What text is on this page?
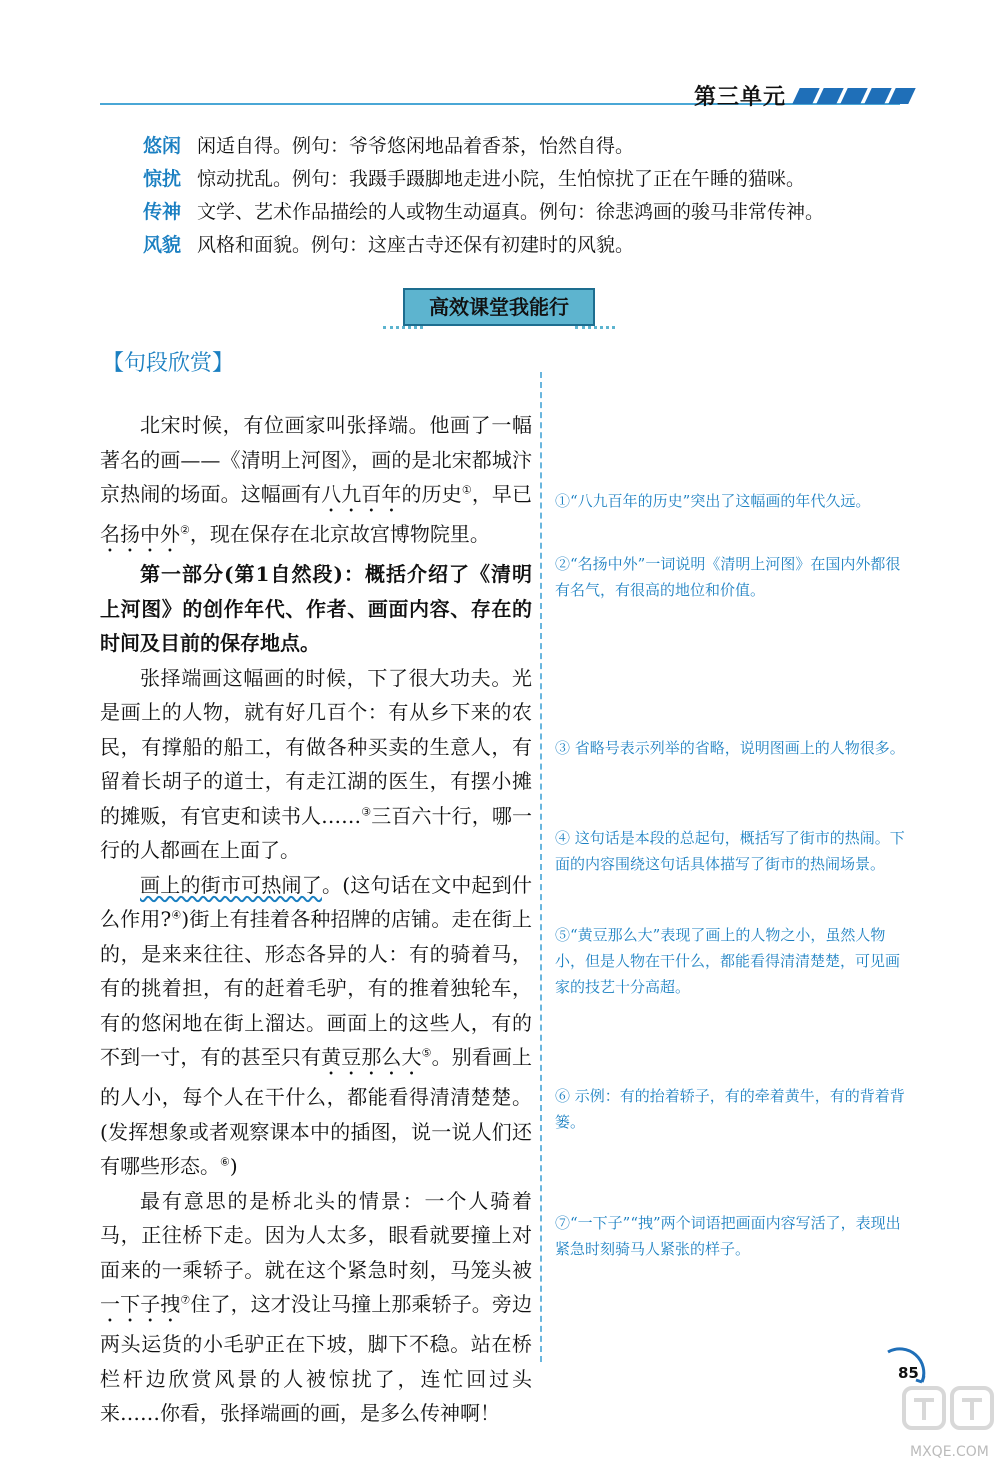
第三单元
悠闲 闲适自得。例句：爷爷悠闲地品着香茶，怡然自得。
惊扰 惊动扰乱。例句：我蹑手蹑脚地走进小院，生怕惊扰了正在午睡的猫咪。
传神 文学、艺术作品描绘的人或物生动逼真。例句：徐悲鸿画的骏马非常传神。
风貌 风格和面貌。例句：这座古寺还保有初建时的风貌。
高效课堂我能行
【句段欣赏】

北宋时候，有位画家叫张择端。他画了一幅著名的画——《清明上河图》，画的是北宋都城汴京热闹的场面。这幅画有八九百年的历史①，早已名扬中外②，现在保存在北京故宫博物院里。

第一部分(第1自然段)：概括介绍了《清明上河图》的创作年代、作者、画面内容、存在的时间及目前的保存地点。

张择端画这幅画的时候，下了很大功夫。光是画上的人物，就有好几百个：有从乡下来的农民，有撑船的船工，有做各种买卖的生意人，有留着长胡子的道士，有走江湖的医生，有摆小摊的摊贩，有官吏和读书人……③三百六十行，哪一行的人都画在上面了。

画上的街市可热闹了。(这句话在文中起到什么作用?④)街上有挂着各种招牌的店铺。走在街上的，是来来往往、形态各异的人：有的骑着马，有的挑着担，有的赶着毛驴，有的推着独轮车，有的悠闲地在街上溜达。画面上的这些人，有的不到一寸，有的甚至只有黄豆那么大⑤。别看画上的人小，每个人在干什么，都能看得清清楚楚。(发挥想象或者观察课本中的插图，说一说人们还有哪些形态。⑥)

最有意思的是桥北头的情景：一个人骑着马，正往桥下走。因为人太多，眼看就要撞上对面来的一乘轿子。就在这个紧急时刻，马笼头被一下子拽⑦住了，这才没让马撞上那乘轿子。旁边两头运货的小毛驴正在下坡，脚下不稳。站在桥栏杆边欣赏风景的人被惊扰了，连忙回过头来……你看，张择端画的画，是多么传神啊！

①“八九百年的历史”突出了这幅画的年代久远。
②“名扬中外”一词说明《清明上河图》在国内外都很有名气，有很高的地位和价值。
③ 省略号表示列举的省略，说明图画上的人物很多。
④ 这句话是本段的总起句，概括写了街市的热闹。下面的内容围绕这句话具体描写了街市的热闹场景。
⑤“黄豆那么大”表现了画上的人物之小，虽然人物小，但是人物在干什么，都能看得清清楚楚，可见画家的技艺十分高超。
⑥ 示例：有的抬着轿子，有的牵着黄牛，有的背着背篓。
⑦“一下子”“拽”两个词语把画面内容写活了，表现出紧急时刻骑马人紧张的样子。
85
MXQE.COM
